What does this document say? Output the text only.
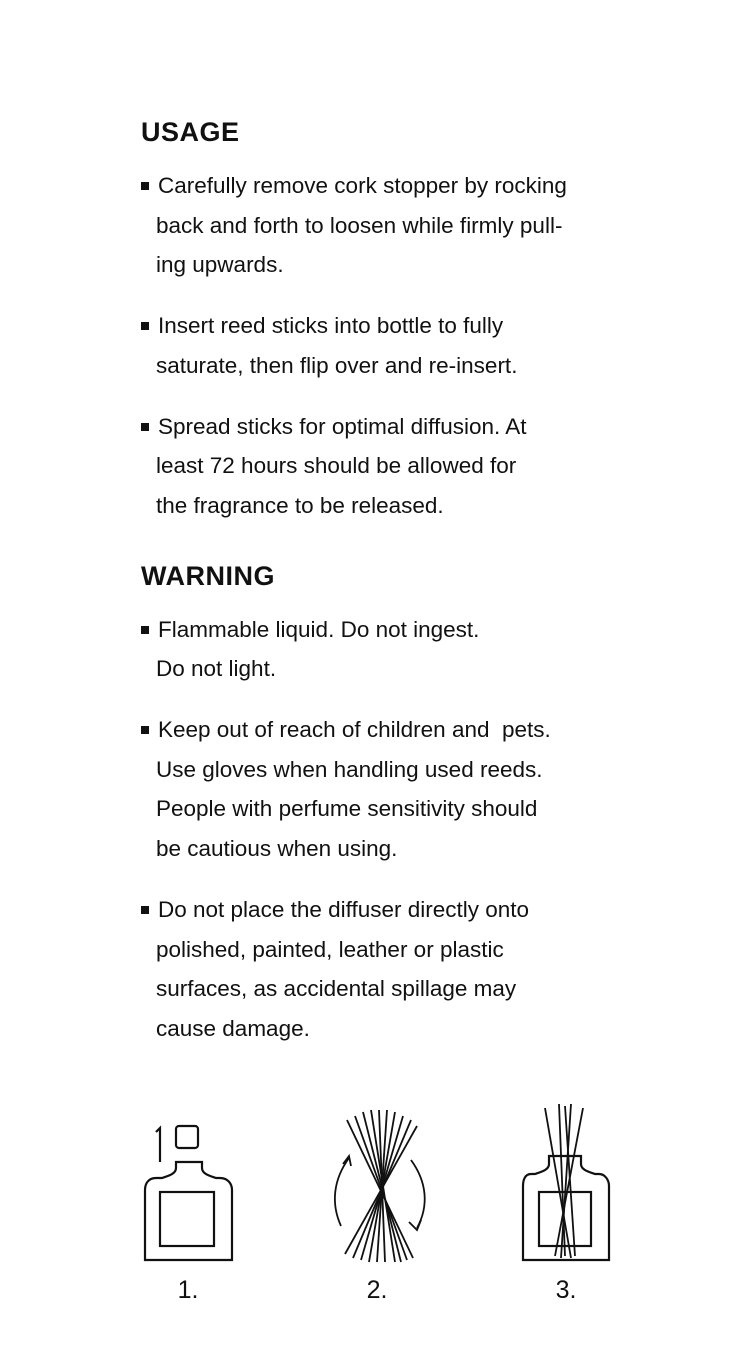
USAGE
Carefully remove cork stopper by rocking
back and forth to loosen while firmly pull-
ing upwards.
Insert reed sticks into bottle to fully
saturate, then flip over and re-insert.
Spread sticks for optimal diffusion. At
least 72 hours should be allowed for
the fragrance to be released.
WARNING
Flammable liquid. Do not ingest.
Do not light.
Keep out of reach of children and  pets.
Use gloves when handling used reeds.
People with perfume sensitivity should
be cautious when using.
Do not place the diffuser directly onto
polished, painted, leather or plastic
surfaces, as accidental spillage may
cause damage.
1.	2.	3.
